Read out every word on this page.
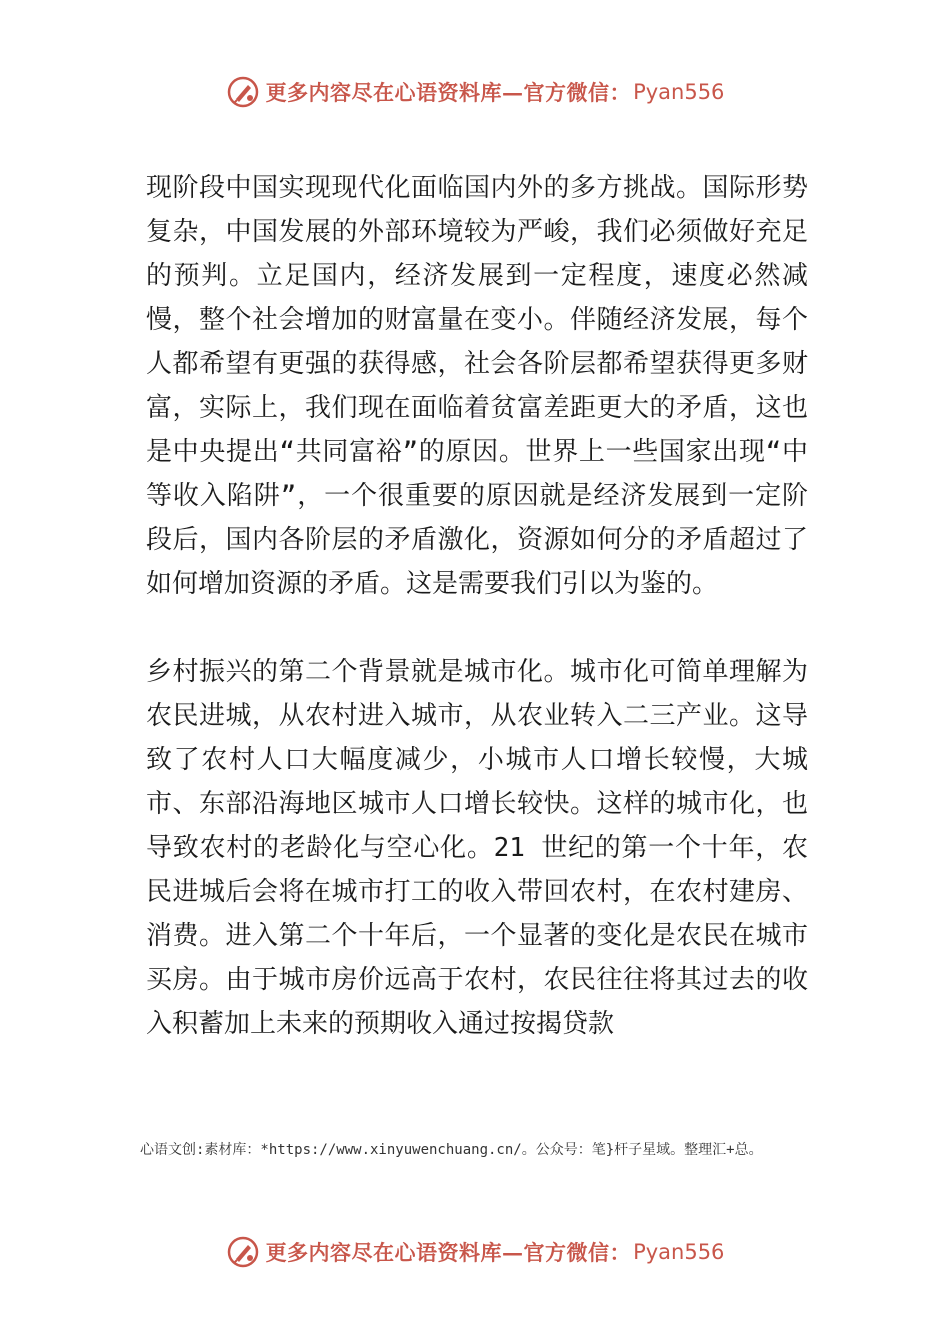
更多内容尽在心语资料库—官方微信： Pyan556

现阶段中国实现现代化面临国内外的多方挑战。国际形势复杂，中国发展的外部环境较为严峻，我们必须做好充足的预判。立足国内，经济发展到一定程度，速度必然减慢，整个社会增加的财富量在变小。伴随经济发展，每个人都希望有更强的获得感，社会各阶层都希望获得更多财富，实际上，我们现在面临着贫富差距更大的矛盾，这也是中央提出“共同富裕”的原因。世界上一些国家出现“中等收入陷阱”，一个很重要的原因就是经济发展到一定阶段后，国内各阶层的矛盾激化，资源如何分的矛盾超过了如何增加资源的矛盾。这是需要我们引以为鉴的。

乡村振兴的第二个背景就是城市化。城市化可简单理解为农民进城，从农村进入城市，从农业转入二三产业。这导致了农村人口大幅度减少，小城市人口增长较慢，大城市、东部沿海地区城市人口增长较快。这样的城市化，也导致农村的老龄化与空心化。21 世纪的第一个十年，农民进城后会将在城市打工的收入带回农村，在农村建房、消费。进入第二个十年后，一个显著的变化是农民在城市买房。由于城市房价远高于农村，农民往往将其过去的收入积蓄加上未来的预期收入通过按揭贷款

心语文创:素材库：*https://www.xinyuwenchuang.cn/。公众号：笔}杆子星域。整理汇+总。
更多内容尽在心语资料库—官方微信： Pyan556
